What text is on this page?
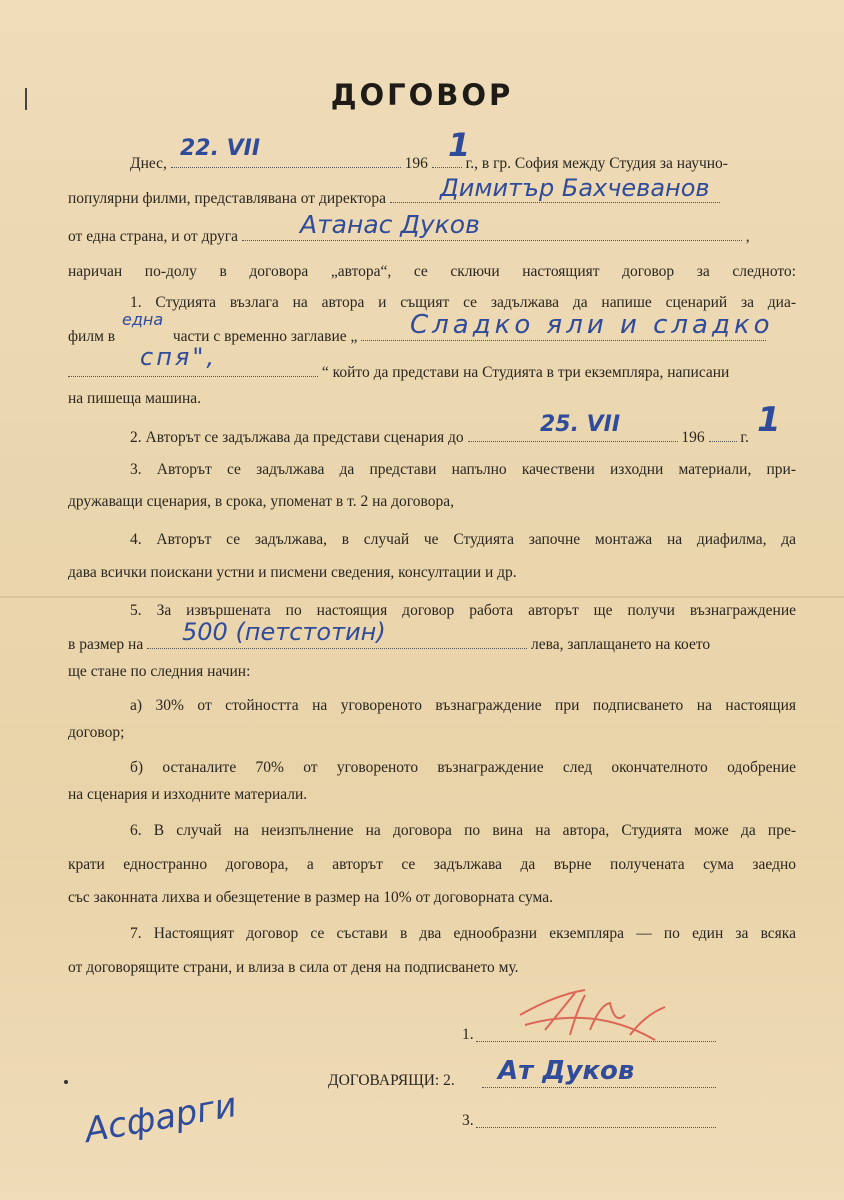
ДОГОВОР
Днес,	196 г., в гр. София между Студия за научно-
22. VII	1
популярни филми, представлявана от директора	Димитър Бахчеванов
от една страна, и от друга	,
Атанас Дуков
наричан по-долу в договора „автора“, се сключи настоящият договор за следното:
1. Студията възлага на автора и същият се задължава да напише сценарий за диа-
филм в	части с временно заглавие „
една	Сладко яли и сладко
“ който да представи на Студията в три екземпляра, написани
спя",
на пишеща машина.
2. Авторът се задължава да представи сценария до	196 г.
25. VII	1
3. Авторът се задължава да представи напълно качествени изходни материали, при-
дружаващи сценария, в срока, упоменат в т. 2 на договора,
4. Авторът се задължава, в случай че Студията започне монтажа на диафилма, да
дава всички поискани устни и писмени сведения, консултации и др.
5. За извършената по настоящия договор работа авторът ще получи възнаграждение
в размер на	лева, заплащането на което
500 (петстотин)
ще стане по следния начин:
а) 30% от стойността на уговореното възнаграждение при подписването на настоящия
договор;
б) останалите 70% от уговореното възнаграждение след окончателното одобрение
на сценария и изходните материали.
6. В случай на неизпълнение на договора по вина на автора, Студията може да пре-
крати едностранно договора, а авторът се задължава да върне получената сума заедно
със законната лихва и обезщетение в размер на 10% от договорната сума.
7. Настоящият договор се състави в два еднообразни екземпляра — по един за всяка
от договорящите страни, и влиза в сила от деня на подписването му.
1.
ДОГОВАРЯЩИ: 2. Ат Дуков
3.
Асфарги
